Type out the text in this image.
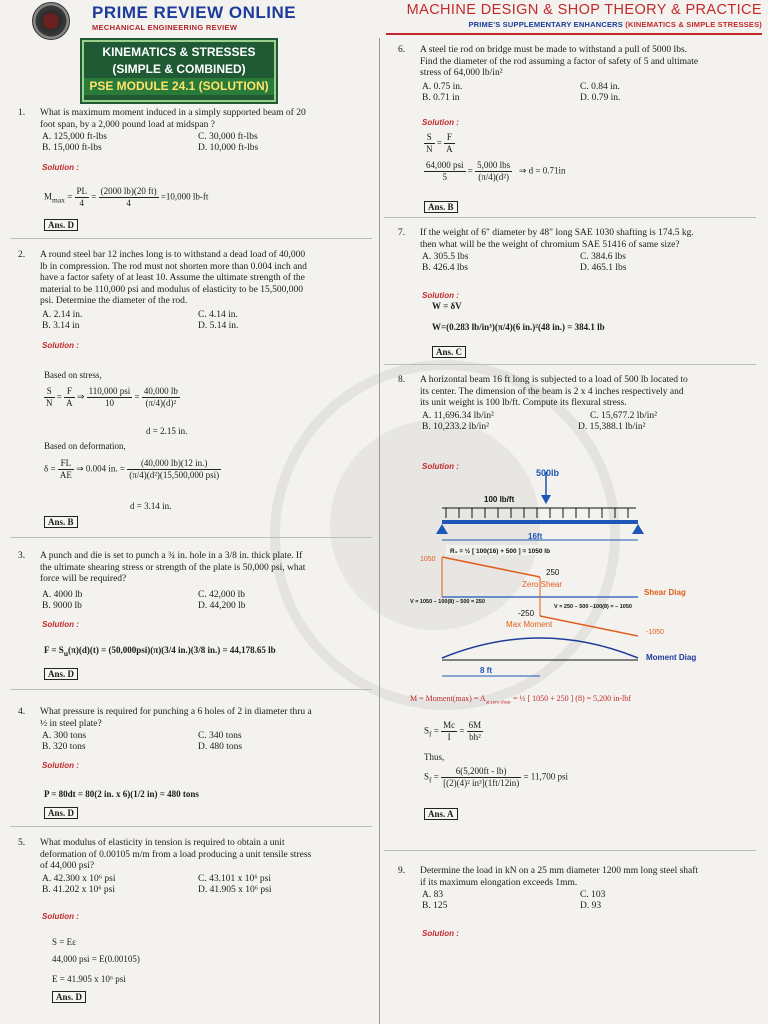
PRIME REVIEW ONLINE
MECHANICAL ENGINEERING REVIEW
MACHINE DESIGN & SHOP THEORY & PRACTICE
PRIME'S SUPPLEMENTARY ENHANCERS (KINEMATICS & SIMPLE STRESSES)
KINEMATICS & STRESSES
(SIMPLE & COMBINED)
PSE MODULE 24.1 (SOLUTION)
1. What is maximum moment induced in a simply supported beam of 20
foot span, by a 2,000 pound load at midspan ?
A. 125,000 ft-lbs
B. 15,000 ft-lbs
C. 30,000 ft-lbs
D. 10,000 ft-lbs
Solution :
$M_{max} = \frac{PL}{4} = \frac{(2000 lb)(20 ft)}{4} =10,000$ lb-ft
Ans. D
2. A round steel bar 12 inches long is to withstand a dead load of 40,000
lb in compression. The rod must not shorten more than 0.004 inch and
have a factor safety of at least 10. Assume the ultimate strength of the
material to be 110,000 psi and modulus of elasticity to be 15,500,000
psi. Determine the diameter of the rod.
A. 2.14 in.
B. 3.14 in
C. 4.14 in.
D. 5.14 in.
Solution :
Based on stress,
$\frac{S}{N} = \frac{F}{A}$ ⇒ $\frac{\text{110,000 psi}}{10} = \frac{40,000 lb}{\text{(π/4)(d)²}}$
d = 2.15 in.
Based on deformation,
$\delta = \frac{FL}{AE}$ ⇒ 0.004 in. = $\frac{(40,000 lb)(12 in.)}{\text{(π/4)(d²)(15,500,000 psi)}}$
d = 3.14 in.
Ans. B
3. A punch and die is set to punch a ¾ in. hole in a 3/8 in. thick plate. If
the ultimate shearing stress or strength of the plate is 50,000 psi, what
force will be required?
A. 4000 lb
B. 9000 lb
C. 42,000 lb
D. 44,200 lb
Solution :
$F = S_u(\pi)(d)(t) = (50,000psi)(\pi)(3/4$ in.)(3/8 in.) = 44,178.65 lb
Ans. D
4. What pressure is required for punching a 6 holes of 2 in diameter thru a
½ in steel plate?
A. 300 tons
B. 320 tons
C. 340 tons
D. 480 tons
Solution :
P = 80dt = 80(2 in. x 6)(1/2 in) = 480 tons
Ans. D
5. What modulus of elasticity in tension is required to obtain a unit
deformation of 0.00105 m/m from a load producing a unit tensile stress
of 44,000 psi?
A. 42.300 x 10⁶ psi
B. 41.202 x 10⁶ psi
C. 43.101 x 10⁶ psi
D. 41.905 x 10⁶ psi
Solution :
S = Eε
44,000 psi = E(0.00105)
E = 41.905 x 10⁶ psi
Ans. D
6. A steel tie rod on bridge must be made to withstand a pull of 5000 lbs.
Find the diameter of the rod assuming a factor of safety of 5 and ultimate
stress of 64,000 lb/in²
A. 0.75 in.
B. 0.71 in
C. 0.84 in.
D. 0.79 in.
Solution :
$\frac{S}{N} = \frac{F}{A}$
$\frac{\text{64,000 psi}}{5} = \frac{\text{5,000 lbs}}{\text{(π/4)(d²)}}$ ⇒ d = 0.71in
Ans. B
7. If the weight of 6" diameter by 48" long SAE 1030 shafting is 174.5 kg.
then what will be the weight of chromium SAE 51416 of same size?
A. 305.5 lbs
B. 426.4 lbs
C. 384.6 lbs
D. 465.1 lbs
Solution :
W = δV
W=(0.283 lb/in³)(π/4)(6 in.)²(48 in.) = 384.1 lb
Ans. C
8. A horizontal beam 16 ft long is subjected to a load of 500 lb located to
its center. The dimension of the beam is 2 x 4 inches respectively and
its unit weight is 100 lb/ft. Compute its flexural stress.
A. 11,696.34 lb/in²
B. 10,233.2 lb/in²
C. 15,677.2 lb/in²
D. 15,388.1 lb/in²
Solution :
500lb
100 lb/ft
16ft
R₁ = ½ [ 100(16) + 500 ] = 1050 lb
1050
250
Zero Shear
Shear Diag
V = 1050 – 100(8) – 500 = 250
V = 250 – 500 –100(8) = – 1050
-250
Max Moment
-1050
Moment Diag
8 ft
M = Moment(max) = $A_{at zero shear}$ = ½ [ 1050 + 250 ] (8) = 5,200 in-lbf
$S_f = \frac{Mc}{I} = \frac{6M}{\text{bh²}}$
Thus,
$S_f = \frac{6(5,200ft - lb)}{\text{[(2)(4)² in³](1ft/12in)}} = 11,700$ psi
Ans. A
9. Determine the load in kN on a 25 mm diameter 1200 mm long steel shaft
if its maximum elongation exceeds 1mm.
A. 83
B. 125
C. 103
D. 93
Solution :
